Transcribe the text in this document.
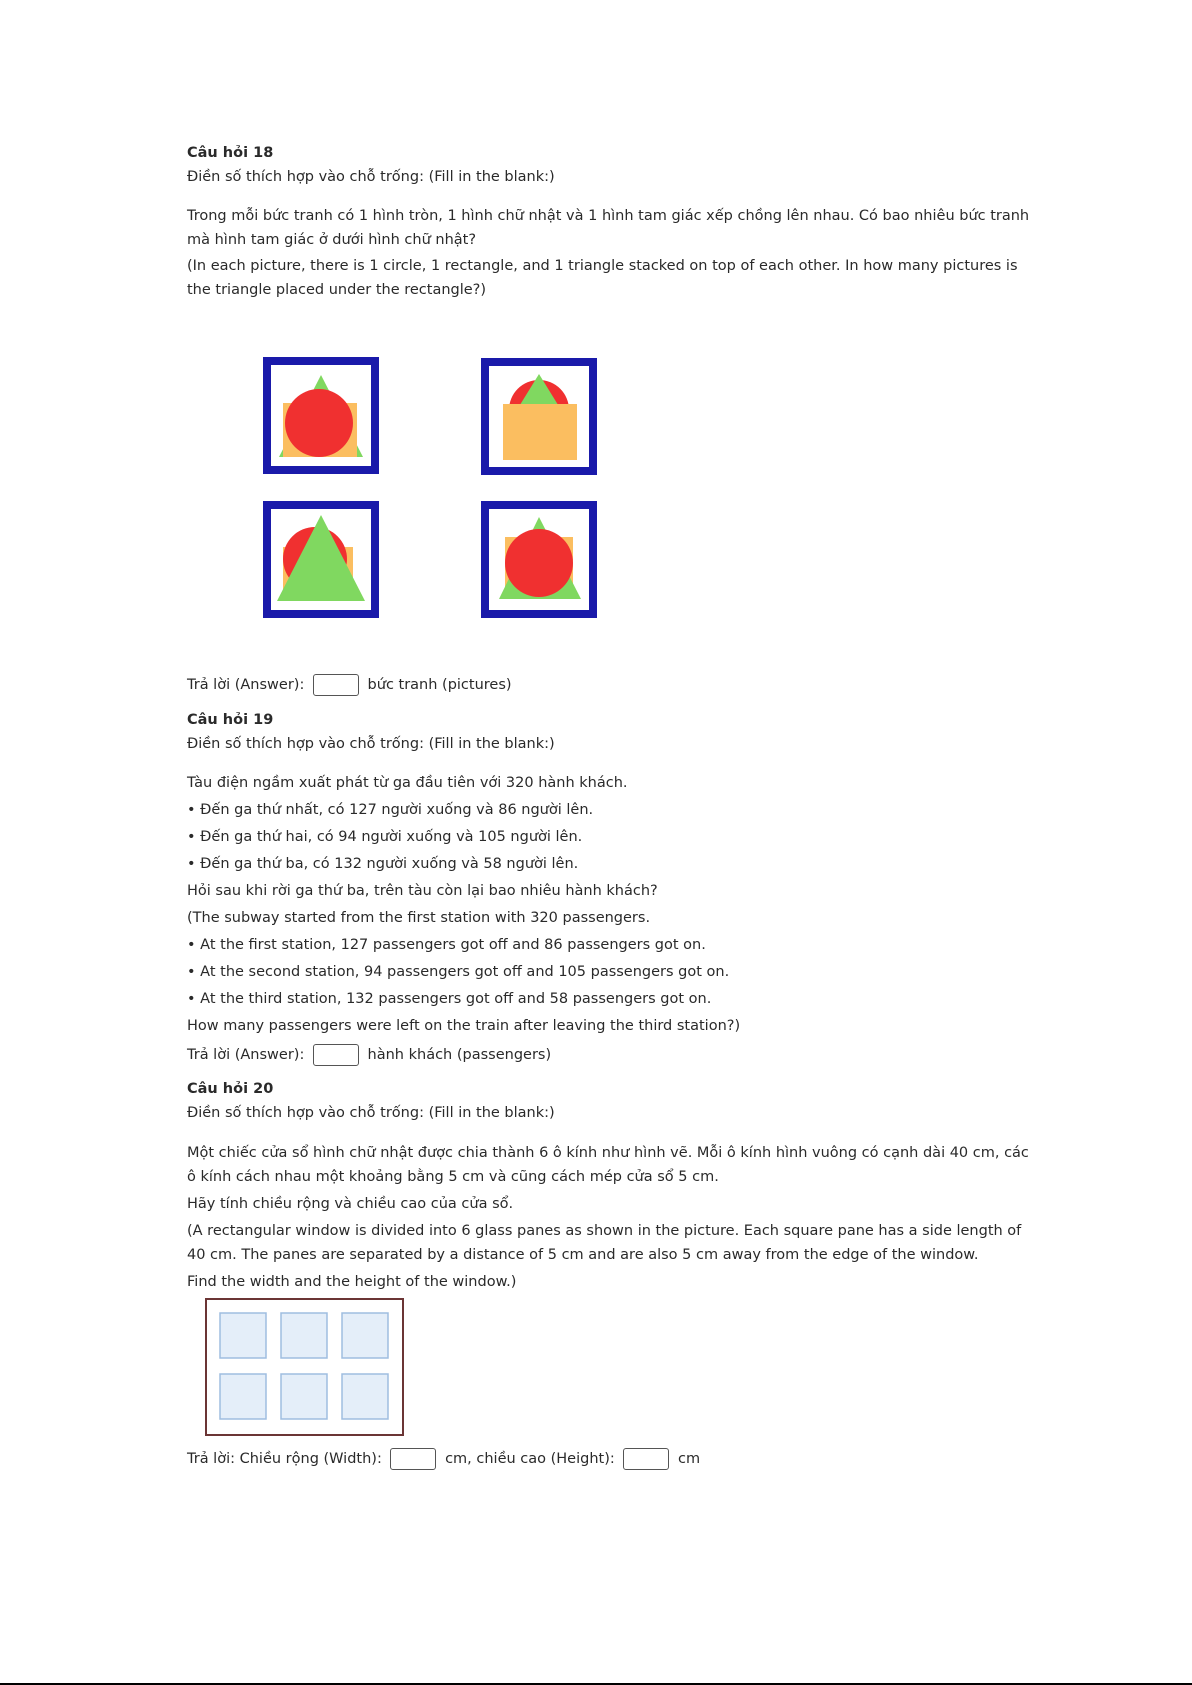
Câu hỏi 18
Điền số thích hợp vào chỗ trống: (Fill in the blank:)
Trong mỗi bức tranh có 1 hình tròn, 1 hình chữ nhật và 1 hình tam giác xếp chồng lên nhau. Có bao nhiêu bức tranh
mà hình tam giác ở dưới hình chữ nhật?
(In each picture, there is 1 circle, 1 rectangle, and 1 triangle stacked on top of each other. In how many pictures is
the triangle placed under the rectangle?)
Trả lời (Answer):	bức tranh (pictures)
Câu hỏi 19
Điền số thích hợp vào chỗ trống: (Fill in the blank:)
Tàu điện ngầm xuất phát từ ga đầu tiên với 320 hành khách.
• Đến ga thứ nhất, có 127 người xuống và 86 người lên.
• Đến ga thứ hai, có 94 người xuống và 105 người lên.
• Đến ga thứ ba, có 132 người xuống và 58 người lên.
Hỏi sau khi rời ga thứ ba, trên tàu còn lại bao nhiêu hành khách?
(The subway started from the first station with 320 passengers.
• At the first station, 127 passengers got off and 86 passengers got on.
• At the second station, 94 passengers got off and 105 passengers got on.
• At the third station, 132 passengers got off and 58 passengers got on.
How many passengers were left on the train after leaving the third station?)
Trả lời (Answer):	hành khách (passengers)
Câu hỏi 20
Điền số thích hợp vào chỗ trống: (Fill in the blank:)
Một chiếc cửa sổ hình chữ nhật được chia thành 6 ô kính như hình vẽ. Mỗi ô kính hình vuông có cạnh dài 40 cm, các
ô kính cách nhau một khoảng bằng 5 cm và cũng cách mép cửa sổ 5 cm.
Hãy tính chiều rộng và chiều cao của cửa sổ.
(A rectangular window is divided into 6 glass panes as shown in the picture. Each square pane has a side length of
40 cm. The panes are separated by a distance of 5 cm and are also 5 cm away from the edge of the window.
Find the width and the height of the window.)
Trả lời: Chiều rộng (Width):	cm, chiều cao (Height):	cm
